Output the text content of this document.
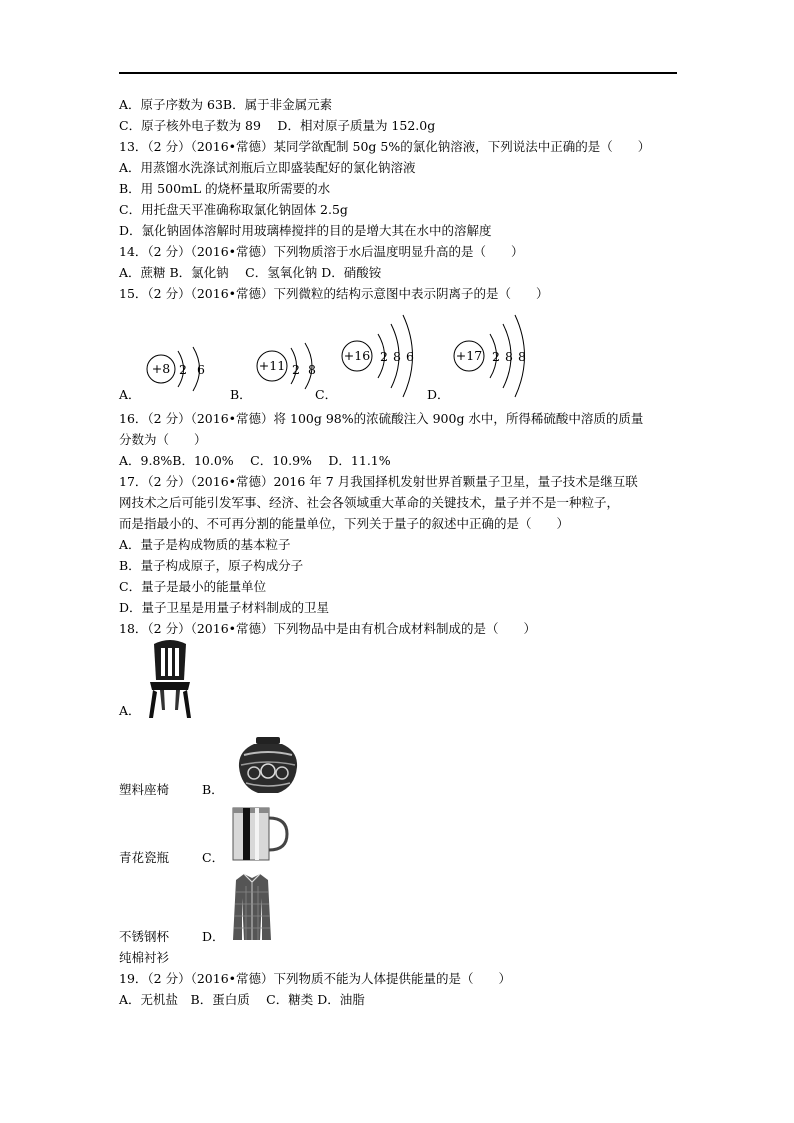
A．原子序数为 63B．属于非金属元素
C．原子核外电子数为 89　 D．相对原子质量为 152.0g
13．（2 分）（2016•常德）某同学欲配制 50g 5%的氯化钠溶液，下列说法中正确的是（　　）
A．用蒸馏水洗涤试剂瓶后立即盛装配好的氯化钠溶液
B．用 500mL 的烧杯量取所需要的水
C．用托盘天平准确称取氯化钠固体 2.5g
D．氯化钠固体溶解时用玻璃棒搅拌的目的是增大其在水中的溶解度
14．（2 分）（2016•常德）下列物质溶于水后温度明显升高的是（　　）
A．蔗糖 B．氯化钠　 C．氢氧化钠 D．硝酸铵
15．（2 分）（2016•常德）下列微粒的结构示意图中表示阴离子的是（　　）
+8 2 6
A．
+11 2 8
B．
+16 2 8 6
C．
+17 2 8 8
D．
16．（2 分）（2016•常德）将 100g 98%的浓硫酸注入 900g 水中，所得稀硫酸中溶质的质量
分数为（　　）
A．9.8%B．10.0%　 C．10.9%　 D．11.1%
17．（2 分）（2016•常德）2016 年 7 月我国择机发射世界首颗量子卫星，量子技术是继互联
网技术之后可能引发军事、经济、社会各领域重大革命的关键技术，量子并不是一种粒子，
而是指最小的、不可再分割的能量单位，下列关于量子的叙述中正确的是（　　）
A．量子是构成物质的基本粒子
B．量子构成原子，原子构成分子
C．量子是最小的能量单位
D．量子卫星是用量子材料制成的卫星
18．（2 分）（2016•常德）下列物品中是由有机合成材料制成的是（　　）
A．
塑料座椅	B．
青花瓷瓶	C．
不锈钢杯	D．
纯棉衬衫
19．（2 分）（2016•常德）下列物质不能为人体提供能量的是（　　）
A．无机盐　B．蛋白质　 C．糖类 D．油脂
